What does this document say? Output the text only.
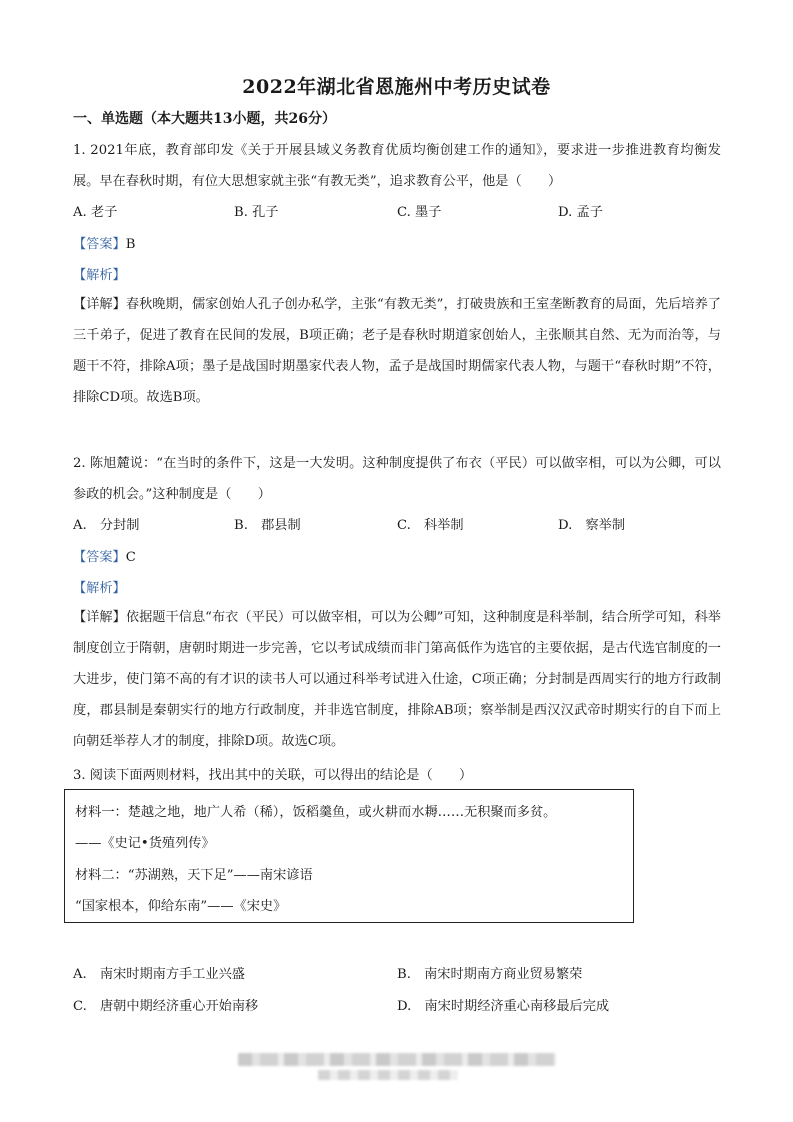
2022年湖北省恩施州中考历史试卷
一、单选题（本大题共13小题，共26分）
1. 2021年底，教育部印发《关于开展县域义务教育优质均衡创建工作的通知》，要求进一步推进教育均衡发展。早在春秋时期，有位大思想家就主张“有教无类”，追求教育公平，他是（　　）
A. 老子	B. 孔子	C. 墨子	D. 孟子
【答案】B
【解析】
【详解】春秋晚期，儒家创始人孔子创办私学，主张“有教无类”，打破贵族和王室垄断教育的局面，先后培养了三千弟子，促进了教育在民间的发展，B项正确；老子是春秋时期道家创始人，主张顺其自然、无为而治等，与题干不符，排除A项；墨子是战国时期墨家代表人物，孟子是战国时期儒家代表人物，与题干“春秋时期”不符，排除CD项。故选B项。
2. 陈旭麓说：“在当时的条件下，这是一大发明。这种制度提供了布衣（平民）可以做宰相，可以为公卿，可以参政的机会。”这种制度是（　　）
A.　分封制	B.　郡县制	C.　科举制	D.　察举制
【答案】C
【解析】
【详解】依据题干信息“布衣（平民）可以做宰相，可以为公卿”可知，这种制度是科举制，结合所学可知，科举制度创立于隋朝，唐朝时期进一步完善，它以考试成绩而非门第高低作为选官的主要依据，是古代选官制度的一大进步，使门第不高的有才识的读书人可以通过科举考试进入仕途，C项正确；分封制是西周实行的地方行政制度，郡县制是秦朝实行的地方行政制度，并非选官制度，排除AB项；察举制是西汉汉武帝时期实行的自下而上向朝廷举荐人才的制度，排除D项。故选C项。
3. 阅读下面两则材料，找出其中的关联，可以得出的结论是（　　）
材料一：楚越之地，地广人希（稀），饭稻羹鱼，或火耕而水耨……无积聚而多贫。
——《史记•货殖列传》
材料二：“苏湖熟，天下足”——南宋谚语
“国家根本，仰给东南”——《宋史》
A.　南宋时期南方手工业兴盛	B.　南宋时期南方商业贸易繁荣
C.　唐朝中期经济重心开始南移	D.　南宋时期经济重心南移最后完成
